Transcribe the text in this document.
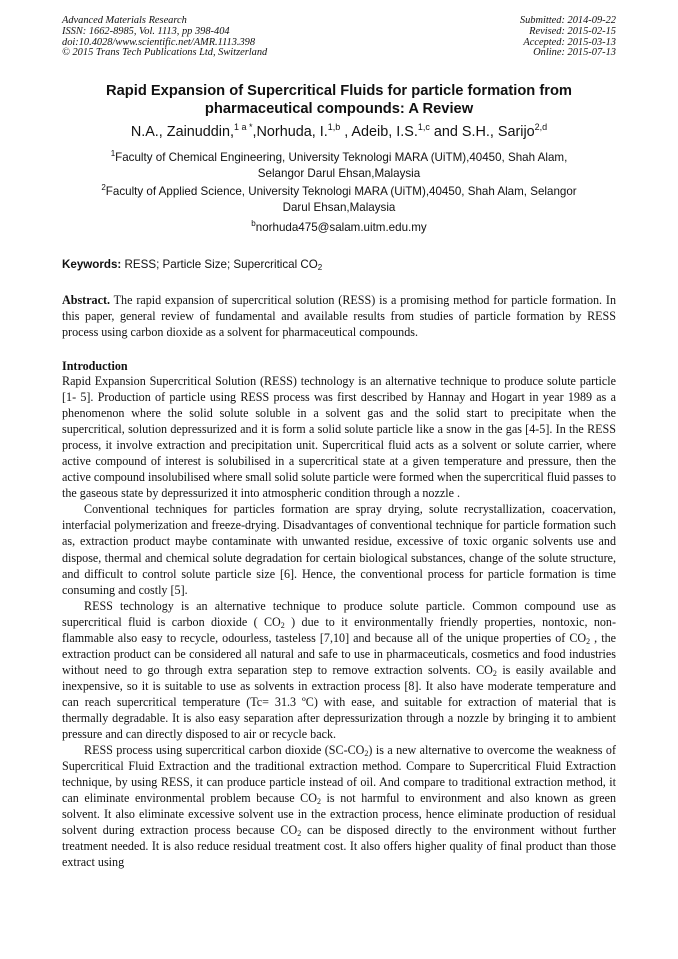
Advanced Materials Research
ISSN: 1662-8985, Vol. 1113, pp 398-404
doi:10.4028/www.scientific.net/AMR.1113.398
© 2015 Trans Tech Publications Ltd, Switzerland
Submitted: 2014-09-22
Revised: 2015-02-15
Accepted: 2015-03-13
Online: 2015-07-13
Rapid Expansion of Supercritical Fluids for particle formation from
pharmaceutical compounds: A Review
N.A., Zainuddin,$^{1 a *}$,Norhuda, I.$^{1,b}$ , Adeib, I.S.$^{1,c}$ and S.H., Sarijo$^{2,d}$
$^1$Faculty of Chemical Engineering, University Teknologi MARA (UiTM),40450, Shah Alam,
Selangor Darul Ehsan,Malaysia
$^2$Faculty of Applied Science, University Teknologi MARA (UiTM),40450, Shah Alam, Selangor
Darul Ehsan,Malaysia
$^b$norhuda475@salam.uitm.edu.my
Keywords: RESS; Particle Size; Supercritical $CO_2$
Abstract. The rapid expansion of supercritical solution (RESS) is a promising method for particle formation. In this paper, general review of fundamental and available results from studies of particle formation by RESS process using carbon dioxide as a solvent for pharmaceutical compounds.
Introduction

Rapid Expansion Supercritical Solution (RESS) technology is an alternative technique to produce solute particle [1- 5]. Production of particle using RESS process was first described by Hannay and Hogart in year 1989 as a phenomenon where the solid solute soluble in a solvent gas and the solid start to precipitate when the supercritical, solution depressurized and it is form a solid solute particle like a snow in the gas [4-5]. In the RESS process, it involve extraction and precipitation unit. Supercritical fluid acts as a solvent or solute carrier, where active compound of interest is solubilised in a supercritical state at a given temperature and pressure, then the active compound insolubilised where small solid solute particle were formed when the supercritical fluid passes to the gaseous state by depressurized it into atmospheric condition through a nozzle .

Conventional techniques for particles formation are spray drying, solute recrystallization, coacervation, interfacial polymerization and freeze-drying. Disadvantages of conventional technique for particle formation such as, extraction product maybe contaminate with unwanted residue, excessive of toxic organic solvents use and dispose, thermal and chemical solute degradation for certain biological substances, change of the solute structure, and difficult to control solute particle size [6]. Hence, the conventional process for particle formation is time consuming and costly [5].

RESS technology is an alternative technique to produce solute particle. Common compound use as supercritical fluid is carbon dioxide ( $CO_2$ ) due to it environmentally friendly properties, nontoxic, non-flammable also easy to recycle, odourless, tasteless [7,10] and because all of the unique properties of $CO_2$ , the extraction product can be considered all natural and safe to use in pharmaceuticals, cosmetics and food industries without need to go through extra separation step to remove extraction solvents. $CO_2$ is easily available and inexpensive, so it is suitable to use as solvents in extraction process [8]. It also have moderate temperature and can reach supercritical temperature (Tc= 31.3 ºC) with ease, and suitable for extraction of material that is thermally degradable. It is also easy separation after depressurization through a nozzle by bringing it to ambient pressure and can directly disposed to air or recycle back.

RESS process using supercritical carbon dioxide $(SC-CO_2)$ is a new alternative to overcome the weakness of Supercritical Fluid Extraction and the traditional extraction method. Compare to Supercritical Fluid Extraction technique, by using RESS, it can produce particle instead of oil. And compare to traditional extraction method, it can eliminate environmental problem because $CO_2$ is not harmful to environment and also known as green solvent. It also eliminate excessive solvent use in the extraction process, hence eliminate production of residual solvent during extraction process because $CO_2$ can be disposed directly to the environment without further treatment needed. It is also reduce residual treatment cost. It also offers higher quality of final product than those extract using
